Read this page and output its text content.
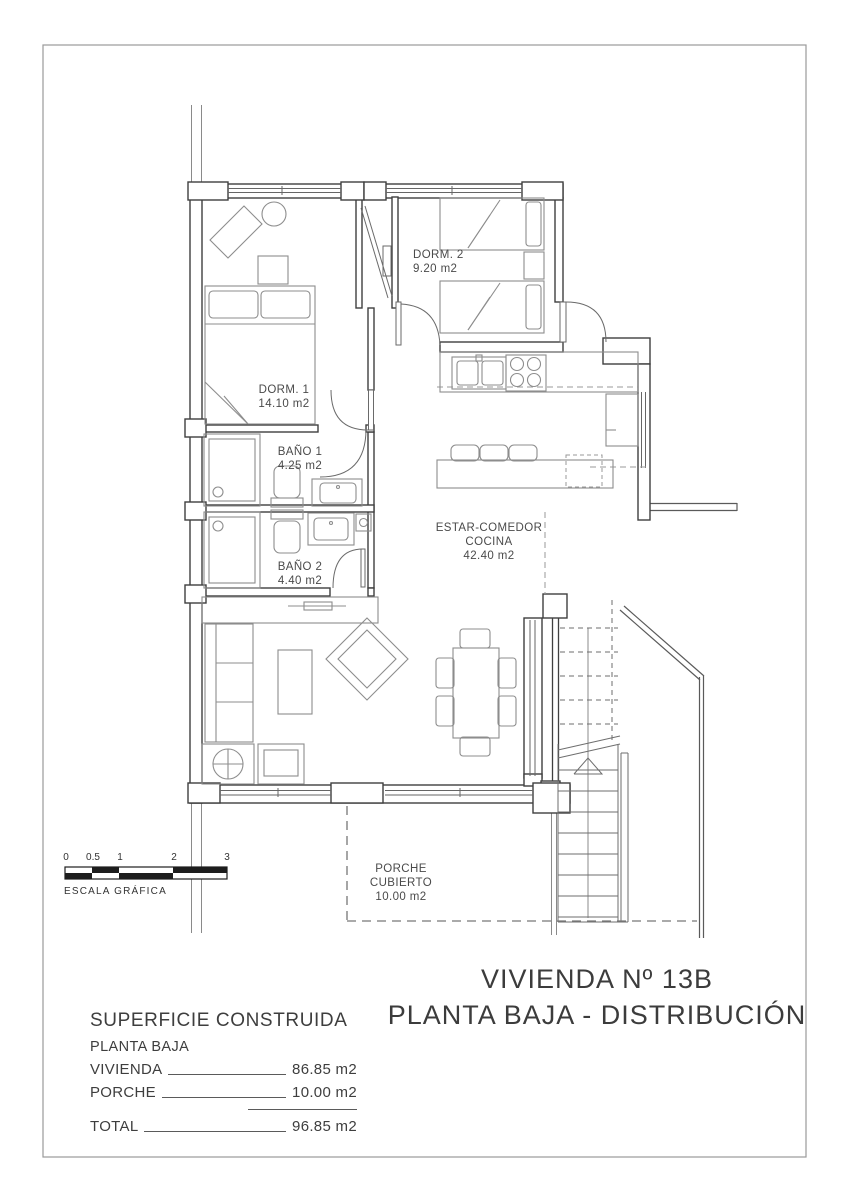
DORM. 2
9.20 m2
DORM. 1
14.10 m2
BAÑO 1
4.25 m2
BAÑO 2
4.40 m2
ESTAR-COMEDOR
COCINA
42.40 m2
PORCHE
CUBIERTO
10.00 m2
0 0.5 1	2	3
ESCALA GRÁFICA
VIVIENDA Nº 13B
PLANTA BAJA - DISTRIBUCIÓN
SUPERFICIE CONSTRUIDA
PLANTA BAJA
VIVIENDA	86.85 m2
PORCHE	10.00 m2
TOTAL	96.85 m2
